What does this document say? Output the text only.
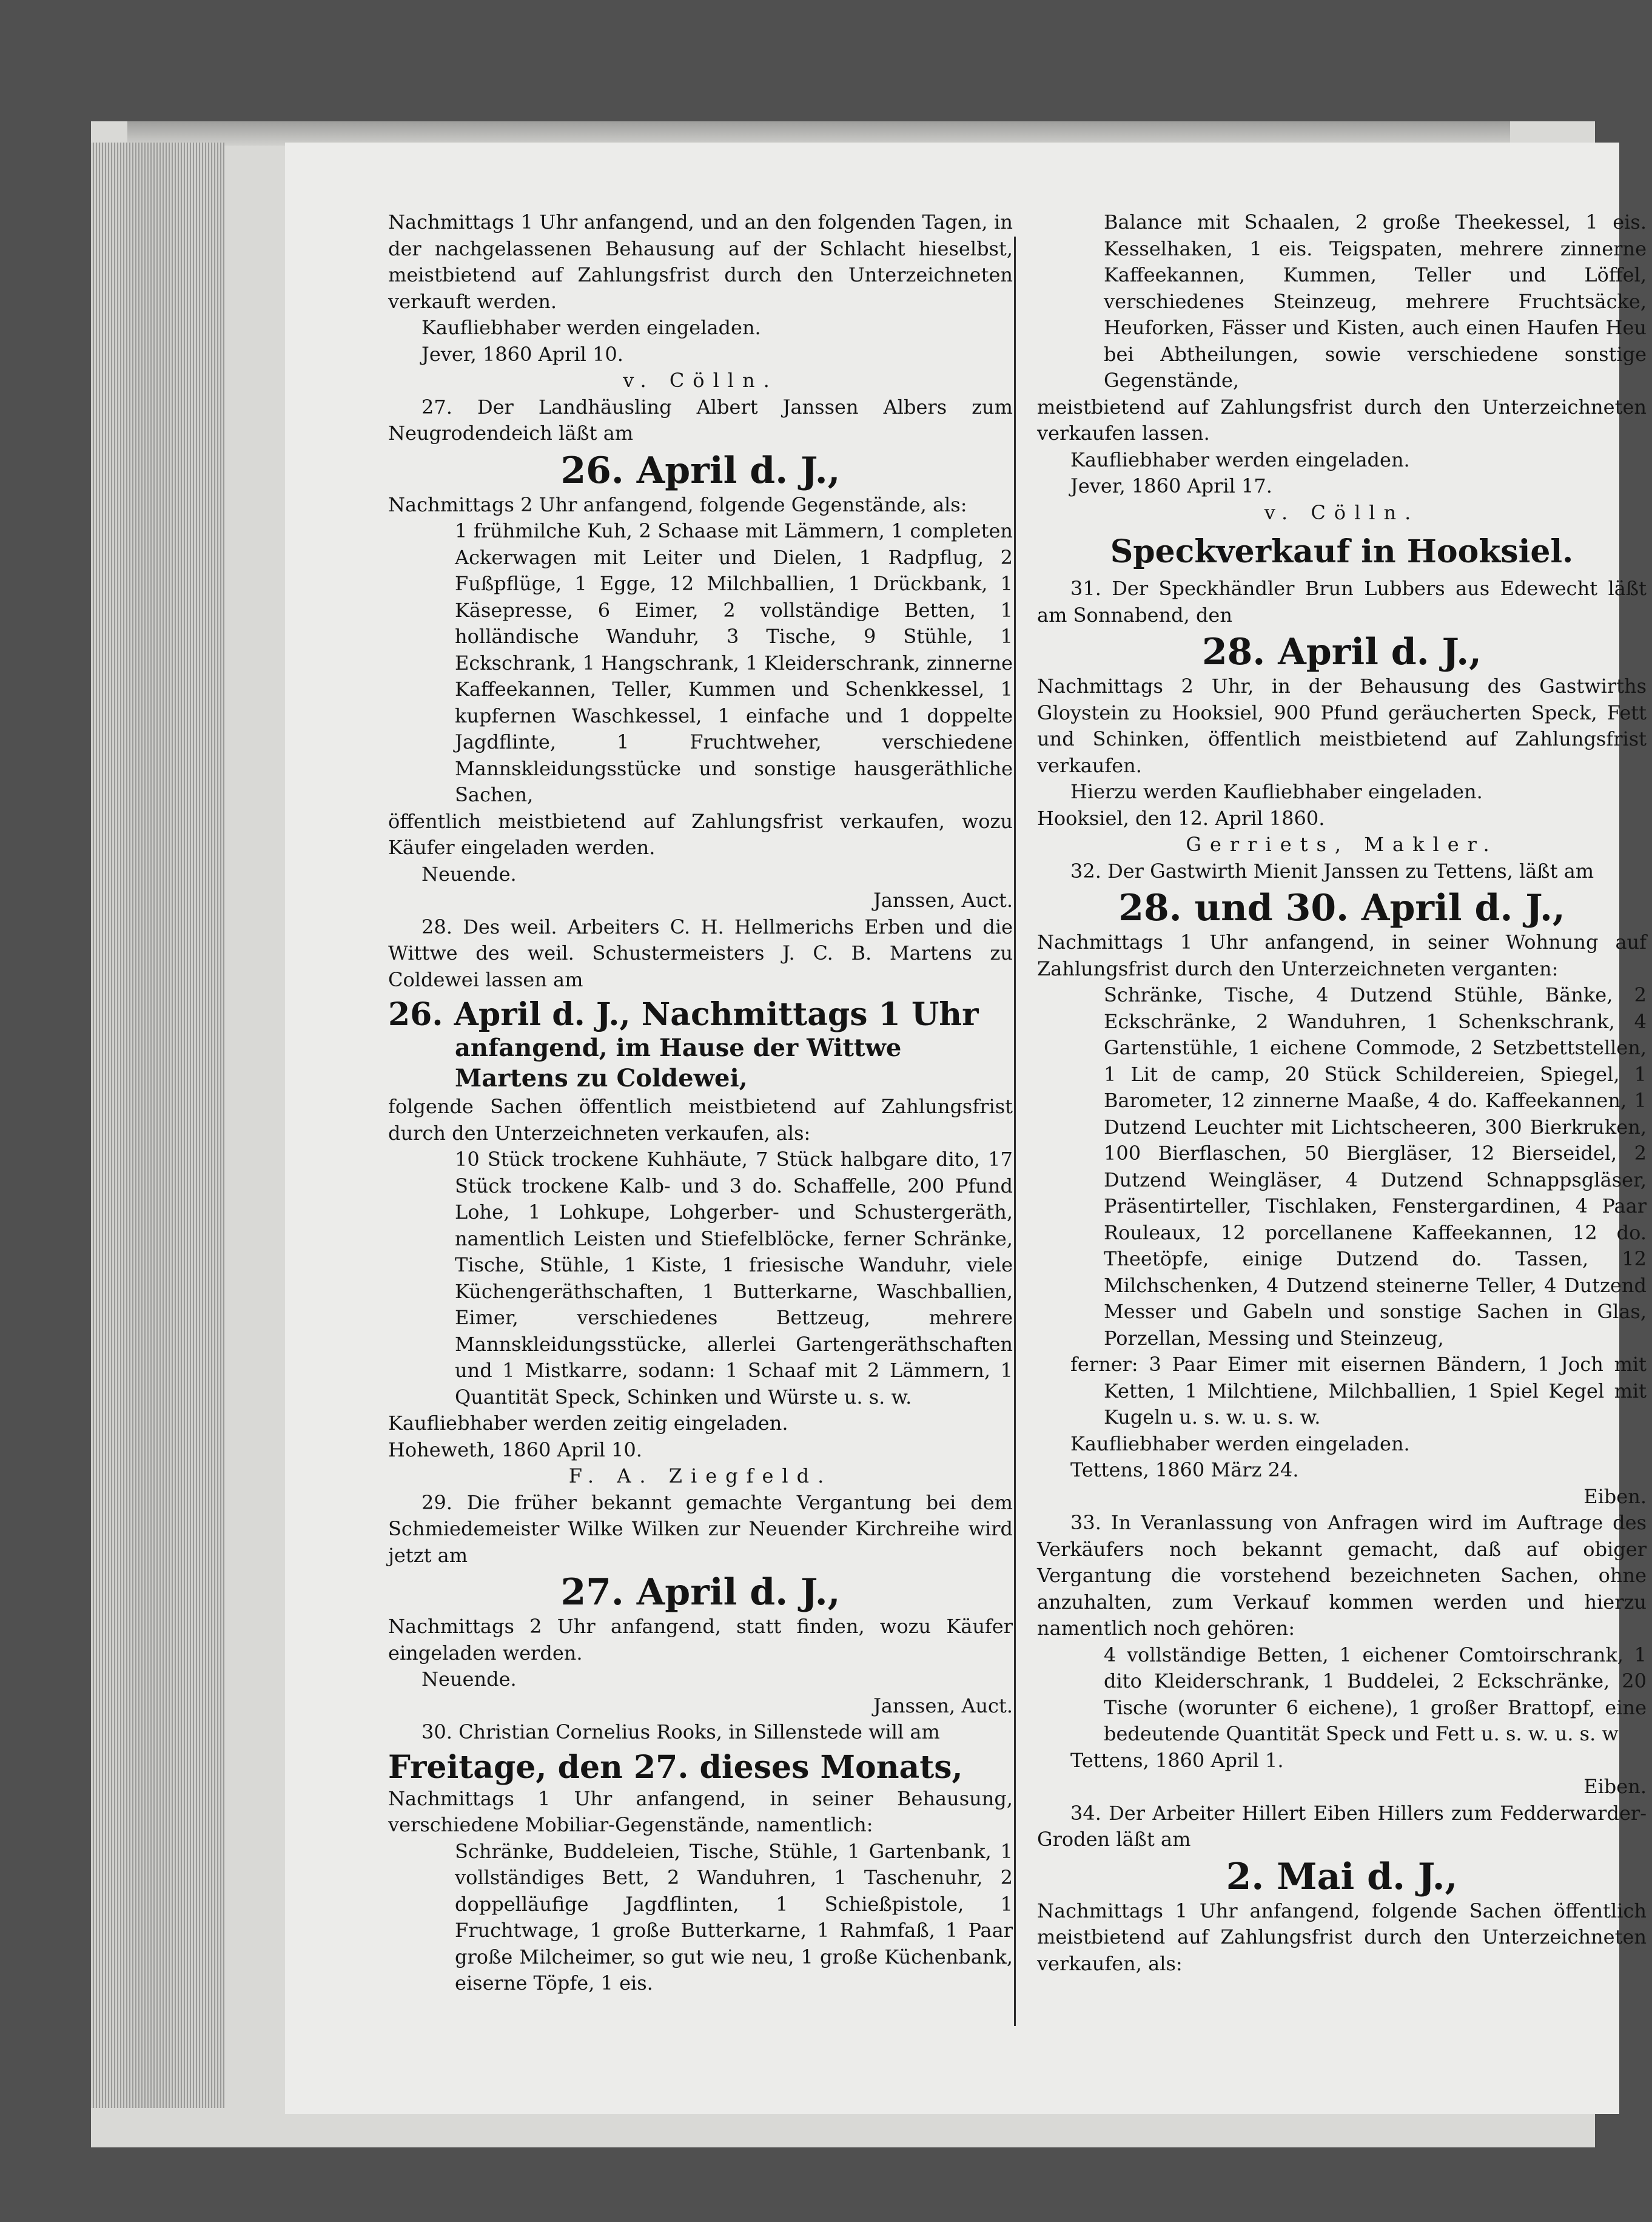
Nachmittags 1 Uhr anfangend, und an den folgenden Tagen, in der nachgelassenen Behausung auf der Schlacht hieselbst, meistbietend auf Zahlungsfrist durch den Unterzeichneten verkauft werden.

Kaufliebhaber werden eingeladen.

Jever, 1860 April 10.

v. Cölln.

27. Der Landhäusling Albert Janssen Albers zum Neugrodendeich läßt am

26. April d. J.,

Nachmittags 2 Uhr anfangend, folgende Gegenstände, als:

1 frühmilche Kuh, 2 Schaase mit Lämmern, 1 completen Ackerwagen mit Leiter und Dielen, 1 Radpflug, 2 Fußpflüge, 1 Egge, 12 Milchballien, 1 Drückbank, 1 Käsepresse, 6 Eimer, 2 vollständige Betten, 1 holländische Wanduhr, 3 Tische, 9 Stühle, 1 Eckschrank, 1 Hangschrank, 1 Kleiderschrank, zinnerne Kaffeekannen, Teller, Kummen und Schenkkessel, 1 kupfernen Waschkessel, 1 einfache und 1 doppelte Jagdflinte, 1 Fruchtweher, verschiedene Mannskleidungsstücke und sonstige hausgeräthliche Sachen,

öffentlich meistbietend auf Zahlungsfrist verkaufen, wozu Käufer eingeladen werden.

Neuende.

Janssen, Auct.

28. Des weil. Arbeiters C. H. Hellmerichs Erben und die Wittwe des weil. Schustermeisters J. C. B. Martens zu Coldewei lassen am

26. April d. J., Nachmittags 1 Uhr

anfangend, im Hause der Wittwe Martens zu Coldewei,

folgende Sachen öffentlich meistbietend auf Zahlungsfrist durch den Unterzeichneten verkaufen, als:

10 Stück trockene Kuhhäute, 7 Stück halbgare dito, 17 Stück trockene Kalb- und 3 do. Schaffelle, 200 Pfund Lohe, 1 Lohkupe, Lohgerber- und Schustergeräth, namentlich Leisten und Stiefelblöcke, ferner Schränke, Tische, Stühle, 1 Kiste, 1 friesische Wanduhr, viele Küchengeräthschaften, 1 Butterkarne, Waschballien, Eimer, verschiedenes Bettzeug, mehrere Mannskleidungsstücke, allerlei Gartengeräthschaften und 1 Mistkarre, sodann: 1 Schaaf mit 2 Lämmern, 1 Quantität Speck, Schinken und Würste u. s. w.

Kaufliebhaber werden zeitig eingeladen.

Hoheweth, 1860 April 10.

F. A. Ziegfeld.

29. Die früher bekannt gemachte Vergantung bei dem Schmiedemeister Wilke Wilken zur Neuender Kirchreihe wird jetzt am

27. April d. J.,

Nachmittags 2 Uhr anfangend, statt finden, wozu Käufer eingeladen werden.

Neuende.

Janssen, Auct.

30. Christian Cornelius Rooks, in Sillenstede will am

Freitage, den 27. dieses Monats,

Nachmittags 1 Uhr anfangend, in seiner Behausung, verschiedene Mobiliar-Gegenstände, namentlich:

Schränke, Buddeleien, Tische, Stühle, 1 Gartenbank, 1 vollständiges Bett, 2 Wanduhren, 1 Taschenuhr, 2 doppelläufige Jagdflinten, 1 Schießpistole, 1 Fruchtwage, 1 große Butterkarne, 1 Rahmfaß, 1 Paar große Milcheimer, so gut wie neu, 1 große Küchenbank, eiserne Töpfe, 1 eis.

Balance mit Schaalen, 2 große Theekessel, 1 eis. Kesselhaken, 1 eis. Teigspaten, mehrere zinnerne Kaffeekannen, Kummen, Teller und Löffel, verschiedenes Steinzeug, mehrere Fruchtsäcke, Heuforken, Fässer und Kisten, auch einen Haufen Heu bei Abtheilungen, sowie verschiedene sonstige Gegenstände,

meistbietend auf Zahlungsfrist durch den Unterzeichneten verkaufen lassen.

Kaufliebhaber werden eingeladen.

Jever, 1860 April 17.

v. Cölln.

Speckverkauf in Hooksiel.

31. Der Speckhändler Brun Lubbers aus Edewecht läßt am Sonnabend, den

28. April d. J.,

Nachmittags 2 Uhr, in der Behausung des Gastwirths Gloystein zu Hooksiel, 900 Pfund geräucherten Speck, Fett und Schinken, öffentlich meistbietend auf Zahlungsfrist verkaufen.

Hierzu werden Kaufliebhaber eingeladen.

Hooksiel, den 12. April 1860.

Gerriets, Makler.

32. Der Gastwirth Mienit Janssen zu Tettens, läßt am

28. und 30. April d. J.,

Nachmittags 1 Uhr anfangend, in seiner Wohnung auf Zahlungsfrist durch den Unterzeichneten verganten:

Schränke, Tische, 4 Dutzend Stühle, Bänke, 2 Eckschränke, 2 Wanduhren, 1 Schenkschrank, 4 Gartenstühle, 1 eichene Commode, 2 Setzbettstellen, 1 Lit de camp, 20 Stück Schildereien, Spiegel, 1 Barometer, 12 zinnerne Maaße, 4 do. Kaffeekannen, 1 Dutzend Leuchter mit Lichtscheeren, 300 Bierkruken, 100 Bierflaschen, 50 Biergläser, 12 Bierseidel, 2 Dutzend Weingläser, 4 Dutzend Schnappsgläser, Präsentirteller, Tischlaken, Fenstergardinen, 4 Paar Rouleaux, 12 porcellanene Kaffeekannen, 12 do. Theetöpfe, einige Dutzend do. Tassen, 12 Milchschenken, 4 Dutzend steinerne Teller, 4 Dutzend Messer und Gabeln und sonstige Sachen in Glas, Porzellan, Messing und Steinzeug,

ferner: 3 Paar Eimer mit eisernen Bändern, 1 Joch mit Ketten, 1 Milchtiene, Milchballien, 1 Spiel Kegel mit Kugeln u. s. w. u. s. w.

Kaufliebhaber werden eingeladen.

Tettens, 1860 März 24.

Eiben.

33. In Veranlassung von Anfragen wird im Auftrage des Verkäufers noch bekannt gemacht, daß auf obiger Vergantung die vorstehend bezeichneten Sachen, ohne anzuhalten, zum Verkauf kommen werden und hierzu namentlich noch gehören:

4 vollständige Betten, 1 eichener Comtoirschrank, 1 dito Kleiderschrank, 1 Buddelei, 2 Eckschränke, 20 Tische (worunter 6 eichene), 1 großer Brattopf, eine bedeutende Quantität Speck und Fett u. s. w. u. s. w

Tettens, 1860 April 1.

Eiben.

34. Der Arbeiter Hillert Eiben Hillers zum Fedderwarder-Groden läßt am

2. Mai d. J.,

Nachmittags 1 Uhr anfangend, folgende Sachen öffentlich meistbietend auf Zahlungsfrist durch den Unterzeichneten verkaufen, als:
